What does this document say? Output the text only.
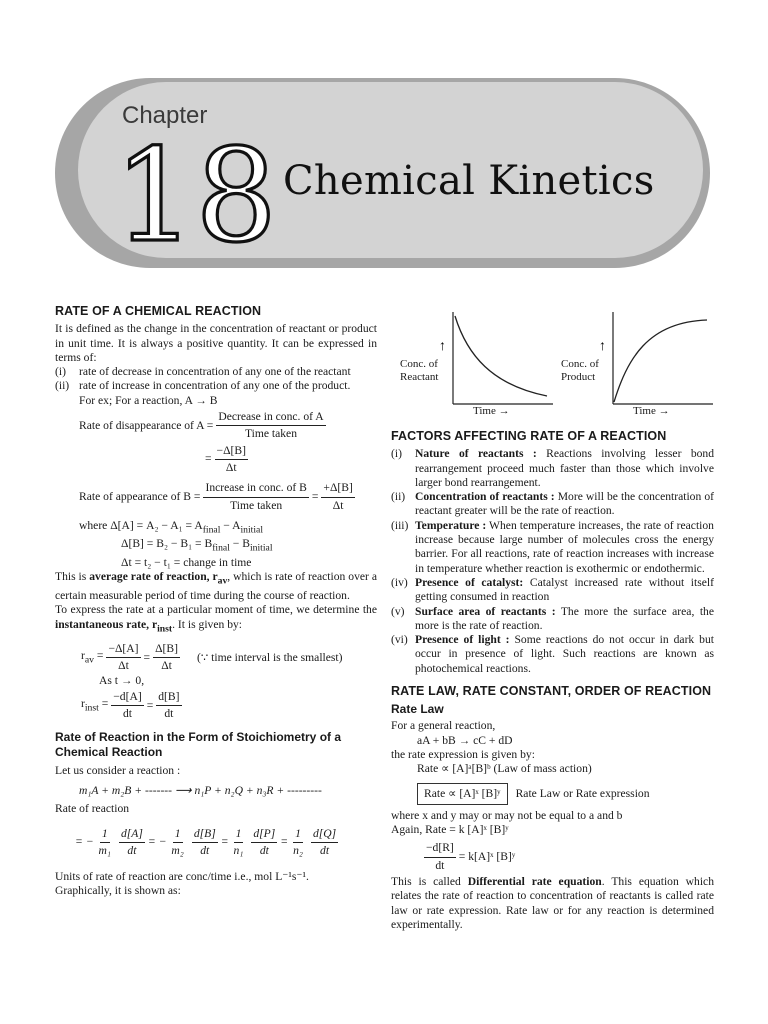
Chapter
18 Chemical Kinetics
RATE OF A CHEMICAL REACTION

It is defined as the change in the concentration of reactant or product in unit time. It is always a positive quantity. It can be expressed in terms of:

(i)	rate of decrease in concentration of any one of the reactant
(ii) rate of increase in concentration of any one of the product.

For ex; For a reaction, A → B

Rate of disappearance of $A = \frac{\text{Decrease in conc. of A}}{\text{Time taken}}$
= $\frac{-\Delta[B]}{\Delta t}$
Rate of appearance of $B = \frac{\text{Increase in conc. of B}}{\text{Time taken}} = \frac{+\Delta[B]}{\Delta t}$

where $\Delta[A] = A_2 - A_1 = A_{final} - A_{initial}$

$\Delta[B] = B_2 - B_1 = B_{final} - B_{initial}$

Δt = t₂ − t₁ = change in time

This is average rate of reaction, $r_{av}$, which is rate of reaction over a certain measurable period of time during the course of reaction.

To express the rate at a particular moment of time, we determine the instantaneous rate, $r_{inst}$. It is given by:

$r_{av} = \frac{-\Delta[A]}{\Delta t} = \frac{\Delta[B]}{\Delta t}$ (∵ time interval is the smallest)

As t → 0,

$r_{inst} = \frac{-d[A]}{dt} = \frac{d[B]}{dt}$
Rate of Reaction in the Form of Stoichiometry of a Chemical Reaction

Let us consider a reaction :

m₁A + m₂B + ------- ⟶ n₁P + n₂Q + n₃R + ---------

Rate of reaction

= − $\frac{1}{\text{m₁}} \frac{d[A]}{dt}$ = − $\frac{1}{\text{m₂}} \frac{d[B]}{dt} = \frac{1}{\text{n₁}} \frac{d[P]}{dt} = \frac{1}{\text{n₂}} \frac{d[Q]}{dt}$

Units of rate of reaction are conc/time i.e., mol L⁻¹s⁻¹.

Graphically, it is shown as:

Conc. of
Reactant
↑
Time →
Conc. of
Product
↑
Time →
FACTORS AFFECTING RATE OF A REACTION
(i)	Nature of reactants : Reactions involving lesser bond rearrangement proceed much faster than those which involve larger bond rearrangement.
(ii) Concentration of reactants : More will be the concentration of reactant greater will be the rate of reaction.
(iii) Temperature : When temperature increases, the rate of reaction increase because large number of molecules cross the energy barrier. For all reactions, rate of reaction increases with increase in temperature whether reaction is exothermic or endothermic.
(iv) Presence of catalyst: Catalyst increased rate without itself getting consumed in reaction
(v) Surface area of reactants : The more the surface area, the more is the rate of reaction.
(vi) Presence of light : Some reactions do not occur in dark but occur in presence of light. Such reactions are known as photochemical reactions.
RATE LAW, RATE CONSTANT, ORDER OF REACTION
Rate Law

For a general reaction,

aA + bB → cC + dD

the rate expression is given by:

Rate ∝ [A]ᵃ[B]ᵇ (Law of mass action)

Rate ∝ [A]ˣ [B]ʸ	Rate Law or Rate expression

where x and y may or may not be equal to a and b

Again, Rate = k [A]ˣ [B]ʸ

$\frac{-d[R]}{dt}$ = k[A]ˣ [B]ʸ

This is called Differential rate equation. This equation which relates the rate of reaction to concentration of reactants is called rate law or rate expression. Rate law or for any reaction is determined experimentally.
